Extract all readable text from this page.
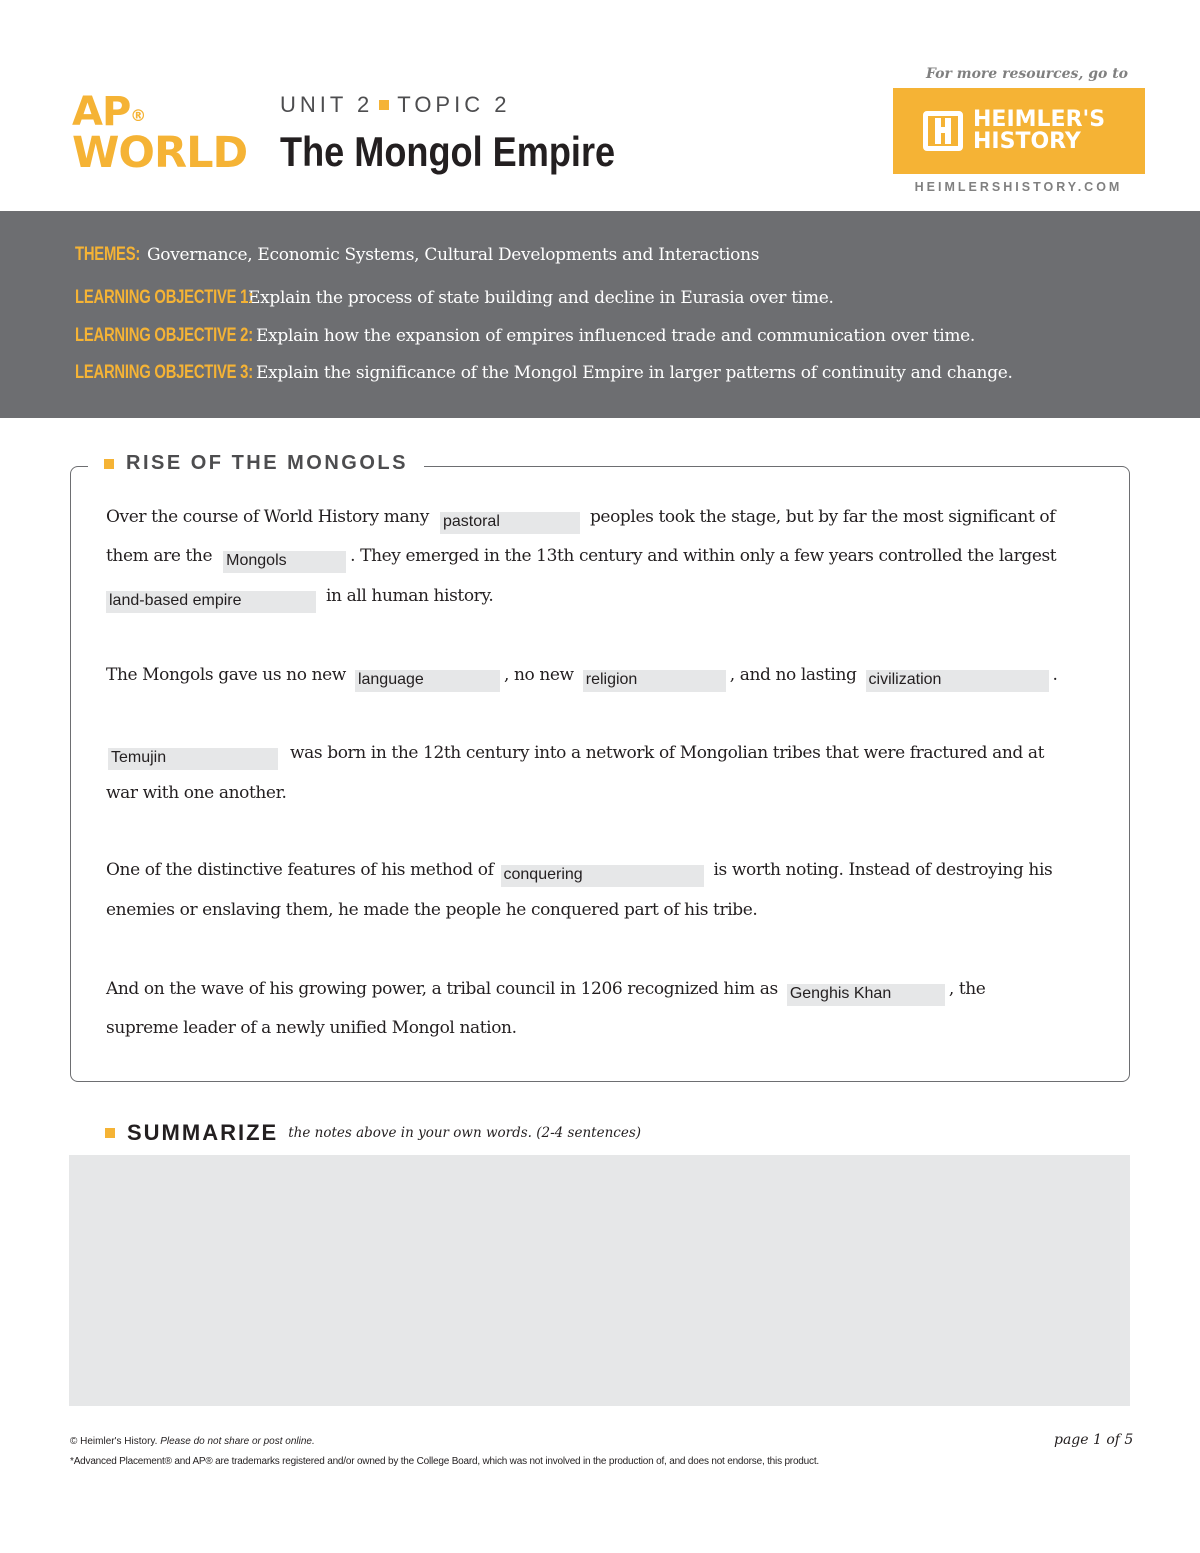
AP®
WORLD
UNIT 2 TOPIC 2
The Mongol Empire
For more resources, go to
HEIMLER'S
HISTORY
HEIMLERSHISTORY.COM
THEMES: Governance, Economic Systems, Cultural Developments and Interactions
LEARNING OBJECTIVE 1:
Explain the process of state building and decline in Eurasia over time.
LEARNING OBJECTIVE 2: Explain how the expansion of empires influenced trade and communication over time.
LEARNING OBJECTIVE 3: Explain the significance of the Mongol Empire in larger patterns of continuity and change.
RISE OF THE MONGOLS
Over the course of World History many pastoral	peoples took the stage, but by far the most significant of
them are the Mongols	. They emerged in the 13th century and within only a few years controlled the largest
land-based empire	in all human history.
The Mongols gave us no new language	, no new religion	, and no lasting civilization	.
Temujin	was born in the 12th century into a network of Mongolian tribes that were fractured and at
war with one another.
One of the distinctive features of his method of conquering	is worth noting. Instead of destroying his
enemies or enslaving them, he made the people he conquered part of his tribe.
And on the wave of his growing power, a tribal council in 1206 recognized him as Genghis Khan	, the
supreme leader of a newly unified Mongol nation.
SUMMARIZE the notes above in your own words. (2-4 sentences)
© Heimler's History. Please do not share or post online.
*Advanced Placement® and AP® are trademarks registered and/or owned by the College Board, which was not involved in the production of, and does not endorse, this product.
page 1 of 5
